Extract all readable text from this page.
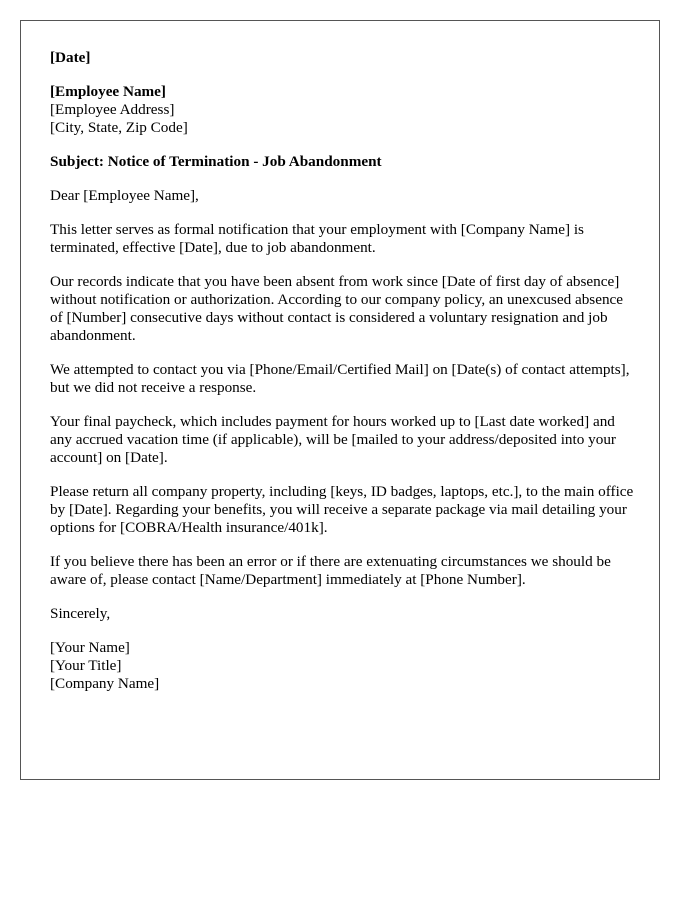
[Date]

[Employee Name]
[Employee Address]
[City, State, Zip Code]

Subject: Notice of Termination - Job Abandonment

Dear [Employee Name],

This letter serves as formal notification that your employment with [Company Name] is terminated, effective [Date], due to job abandonment.

Our records indicate that you have been absent from work since [Date of first day of absence] without notification or authorization. According to our company policy, an unexcused absence of [Number] consecutive days without contact is considered a voluntary resignation and job abandonment.

We attempted to contact you via [Phone/Email/Certified Mail] on [Date(s) of contact attempts], but we did not receive a response.

Your final paycheck, which includes payment for hours worked up to [Last date worked] and any accrued vacation time (if applicable), will be [mailed to your address/deposited into your account] on [Date].

Please return all company property, including [keys, ID badges, laptops, etc.], to the main office by [Date]. Regarding your benefits, you will receive a separate package via mail detailing your options for [COBRA/Health insurance/401k].

If you believe there has been an error or if there are extenuating circumstances we should be aware of, please contact [Name/Department] immediately at [Phone Number].

Sincerely,

[Your Name]
[Your Title]
[Company Name]
